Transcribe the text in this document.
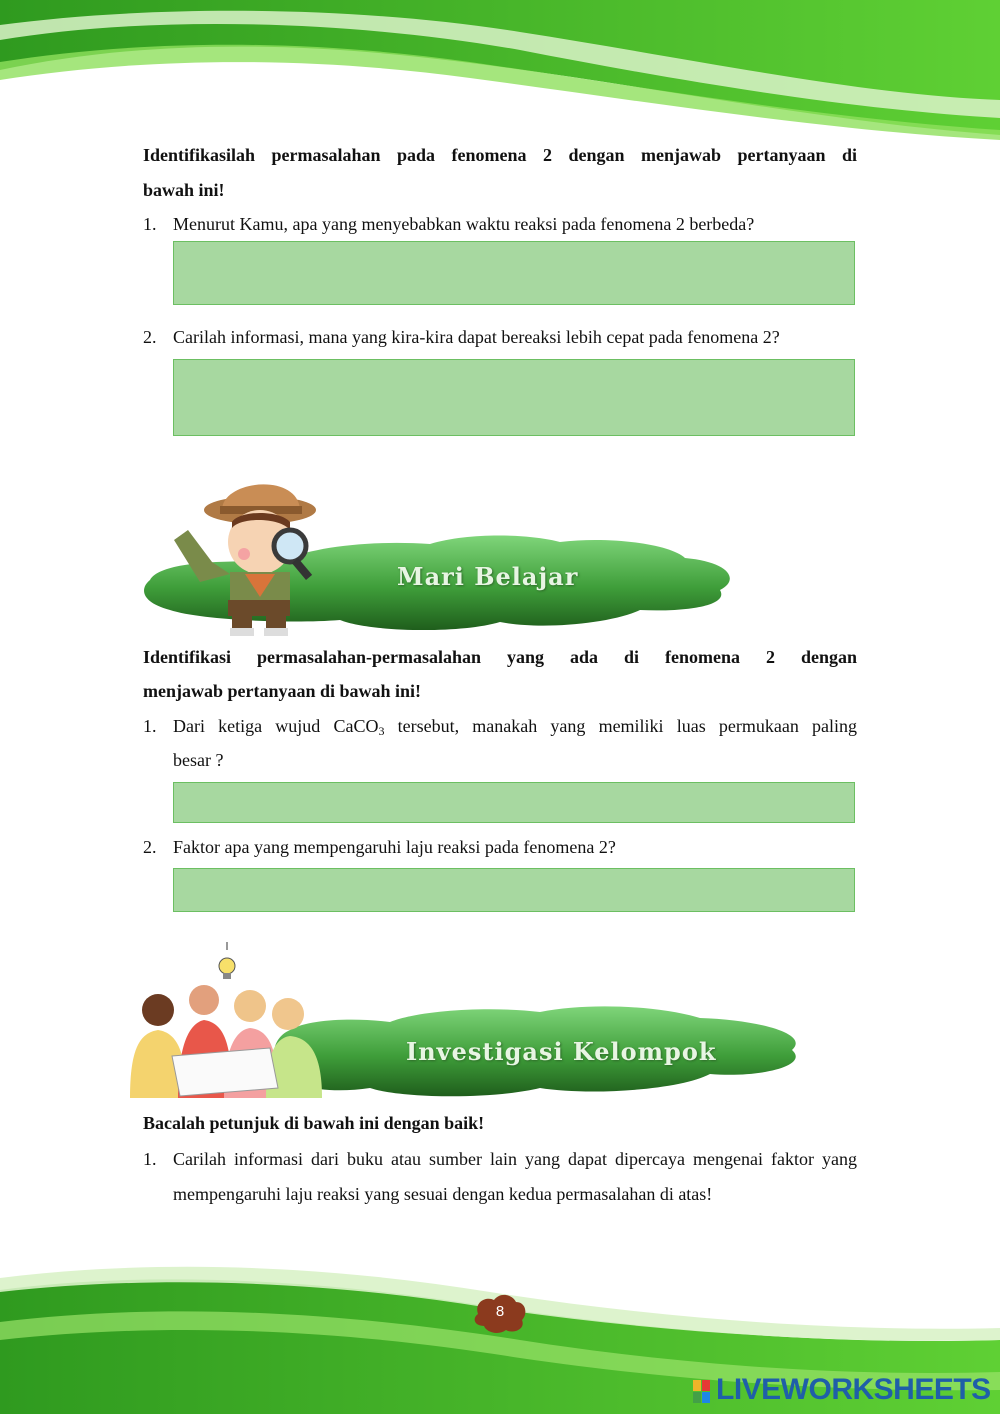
Identifikasilah permasalahan pada fenomena 2 dengan menjawab pertanyaan di
bawah ini!
1. Menurut Kamu, apa yang menyebabkan waktu reaksi pada fenomena 2 berbeda?
2. Carilah informasi, mana yang kira-kira dapat bereaksi lebih cepat pada fenomena 2?
Mari Belajar
Identifikasi permasalahan-permasalahan yang ada di fenomena 2 dengan
menjawab pertanyaan di bawah ini!
1. Dari ketiga wujud CaCO$_3$ tersebut, manakah yang memiliki luas permukaan paling
besar ?
2. Faktor apa yang mempengaruhi laju reaksi pada fenomena 2?
Investigasi Kelompok
Bacalah petunjuk di bawah ini dengan baik!
1. Carilah informasi dari buku atau sumber lain yang dapat dipercaya mengenai faktor yang mempengaruhi laju reaksi yang sesuai dengan kedua permasalahan di atas!
8
LIVEWORKSHEETS
